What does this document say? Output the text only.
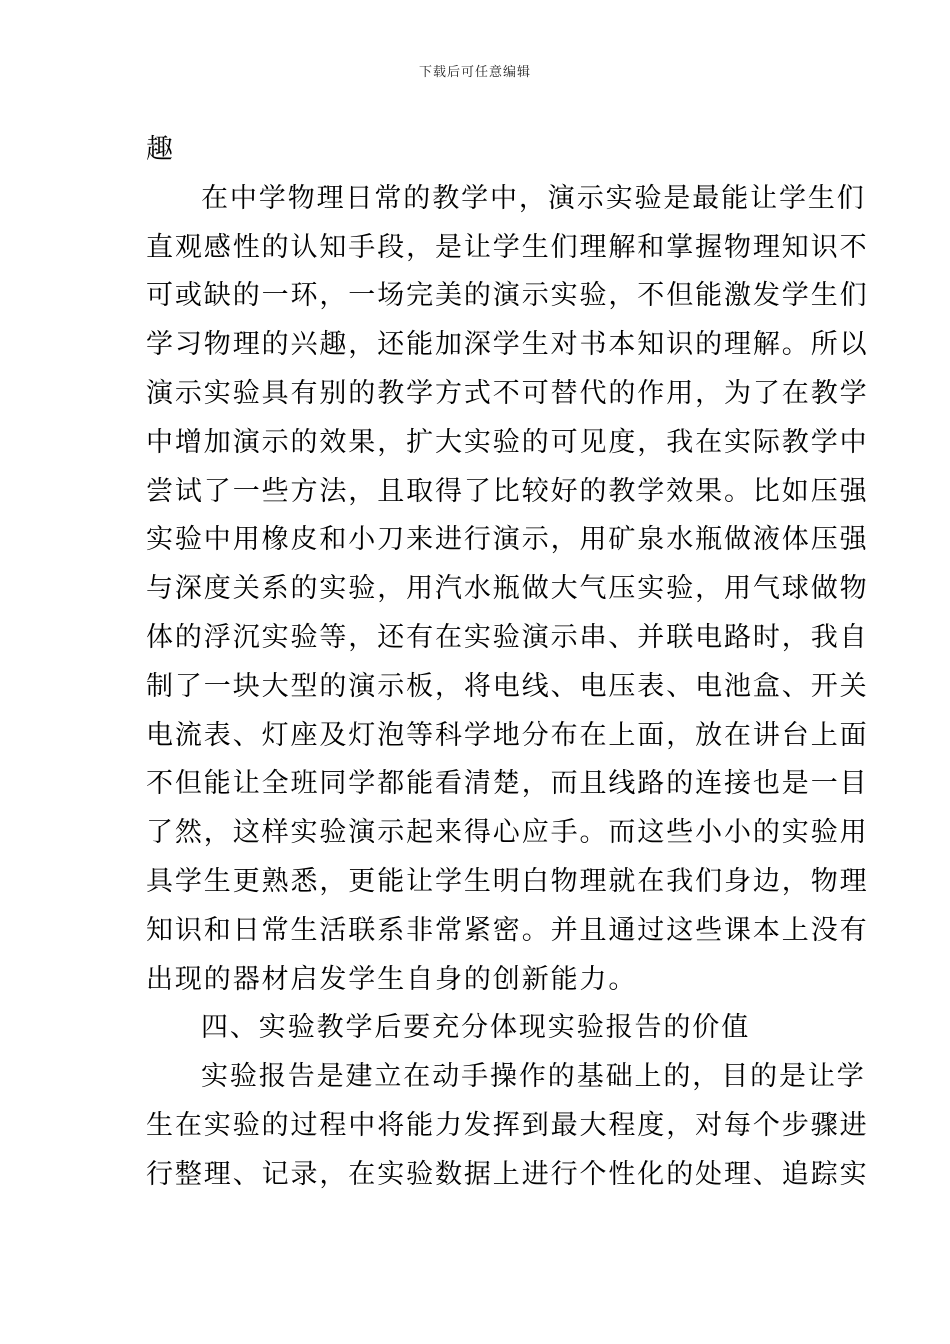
下载后可任意编辑
趣
在中学物理日常的教学中，演示实验是最能让学生们
直观感性的认知手段，是让学生们理解和掌握物理知识不
可或缺的一环，一场完美的演示实验，不但能激发学生们
学习物理的兴趣，还能加深学生对书本知识的理解。所以
演示实验具有别的教学方式不可替代的作用，为了在教学
中增加演示的效果，扩大实验的可见度，我在实际教学中
尝试了一些方法，且取得了比较好的教学效果。比如压强
实验中用橡皮和小刀来进行演示，用矿泉水瓶做液体压强
与深度关系的实验，用汽水瓶做大气压实验，用气球做物
体的浮沉实验等，还有在实验演示串、并联电路时，我自
制了一块大型的演示板，将电线、电压表、电池盒、开关
电流表、灯座及灯泡等科学地分布在上面，放在讲台上面
不但能让全班同学都能看清楚，而且线路的连接也是一目
了然，这样实验演示起来得心应手。而这些小小的实验用
具学生更熟悉，更能让学生明白物理就在我们身边，物理
知识和日常生活联系非常紧密。并且通过这些课本上没有
出现的器材启发学生自身的创新能力。
四、实验教学后要充分体现实验报告的价值
实验报告是建立在动手操作的基础上的，目的是让学
生在实验的过程中将能力发挥到最大程度，对每个步骤进
行整理、记录，在实验数据上进行个性化的处理、追踪实
